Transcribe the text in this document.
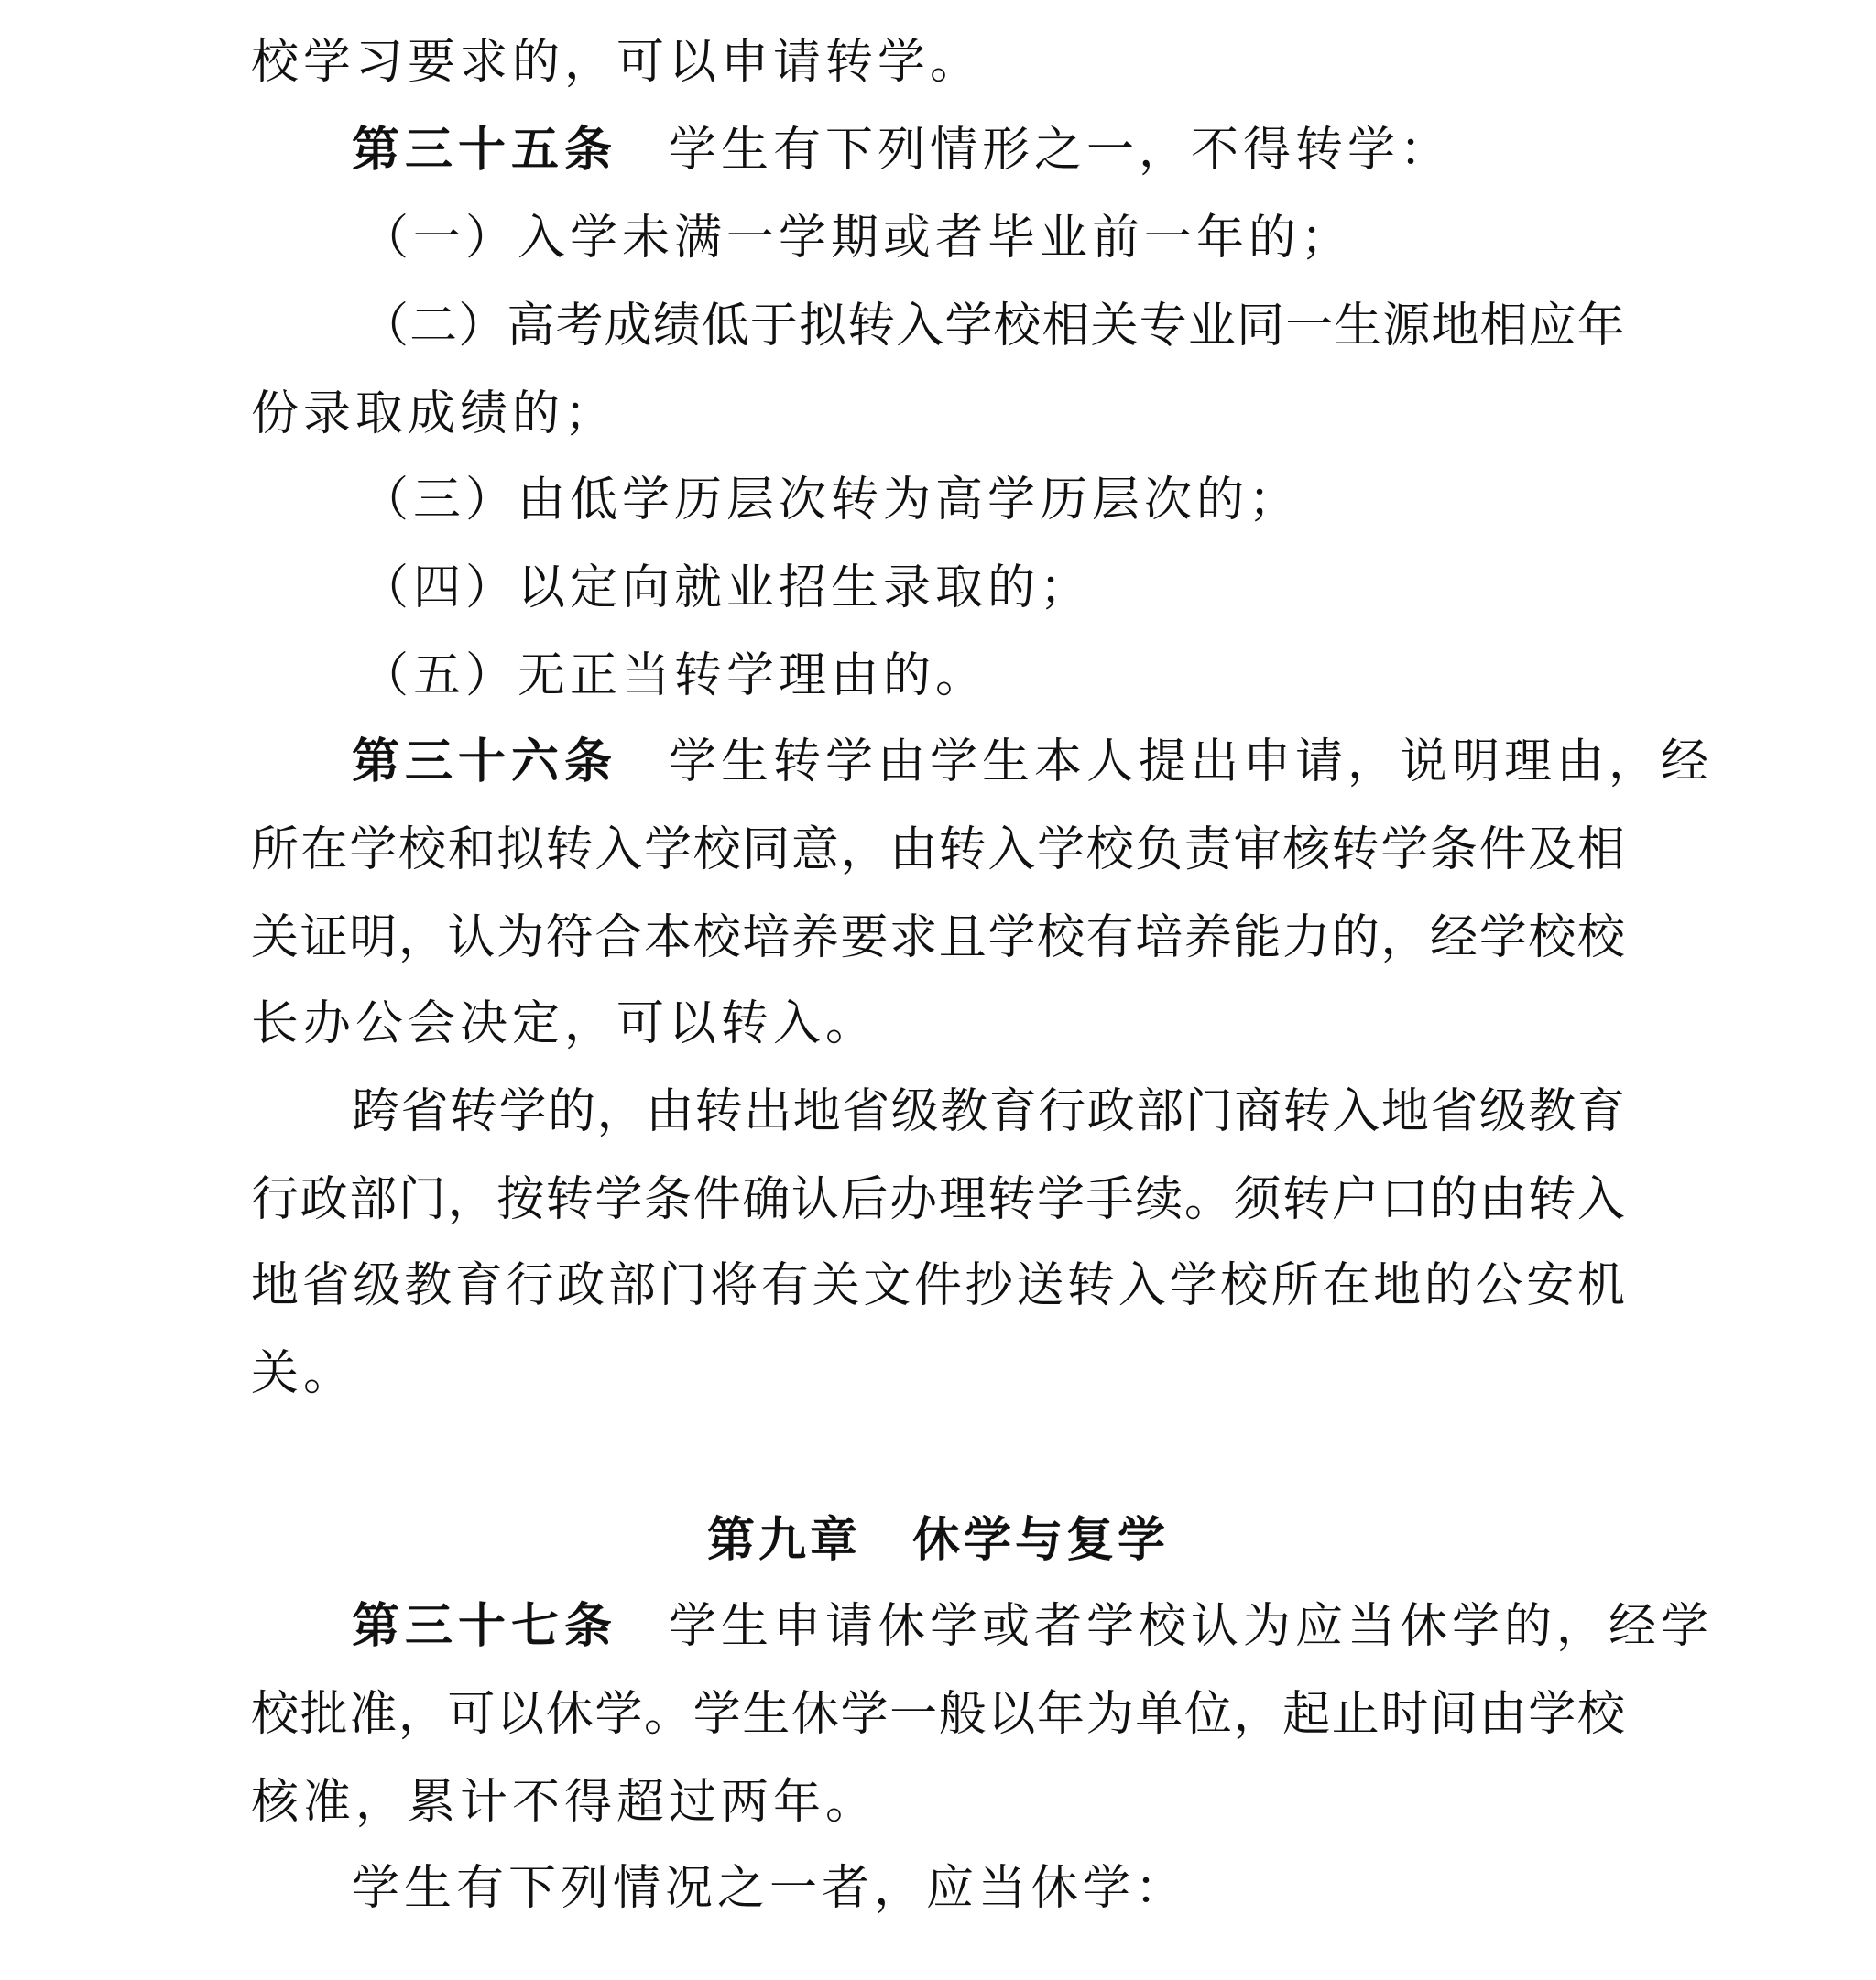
校学习要求的，可以申请转学。
第三十五条 学生有下列情形之一，不得转学：
（一）入学未满一学期或者毕业前一年的；
（ 二 ） 高 考 成 绩 低 于 拟 转 入 学 校 相 关 专 业 同 一 生 源 地 相 应 年
份录取成绩的；
（三）由低学历层次转为高学历层次的；
（四）以定向就业招生录取的；
（五）无正当转学理由的。
第三十六条 学生转学由学生本人提出申请，说明理由，经
所 在 学 校 和 拟 转 入 学 校 同 意 ， 由 转 入 学 校 负 责 审 核 转 学 条 件 及 相
关 证 明 ， 认 为 符 合 本 校 培 养 要 求 且 学 校 有 培 养 能 力 的 ， 经 学 校 校
长办公会决定，可以转入。
跨 省 转 学 的 ， 由 转 出 地 省 级 教 育 行 政 部 门 商 转 入 地 省 级 教 育
行 政 部 门 ， 按 转 学 条 件 确 认 后 办 理 转 学 手 续 。 须 转 户 口 的 由 转 入
地 省 级 教 育 行 政 部 门 将 有 关 文 件 抄 送 转 入 学 校 所 在 地 的 公 安 机
关。
第九章　休学与复学
第三十七条 学生申请休学或者学校认为应当休学的，经学
校 批 准 ， 可 以 休 学 。 学 生 休 学 一 般 以 年 为 单 位 ， 起 止 时 间 由 学 校
核准，累计不得超过两年。
学生有下列情况之一者，应当休学：
